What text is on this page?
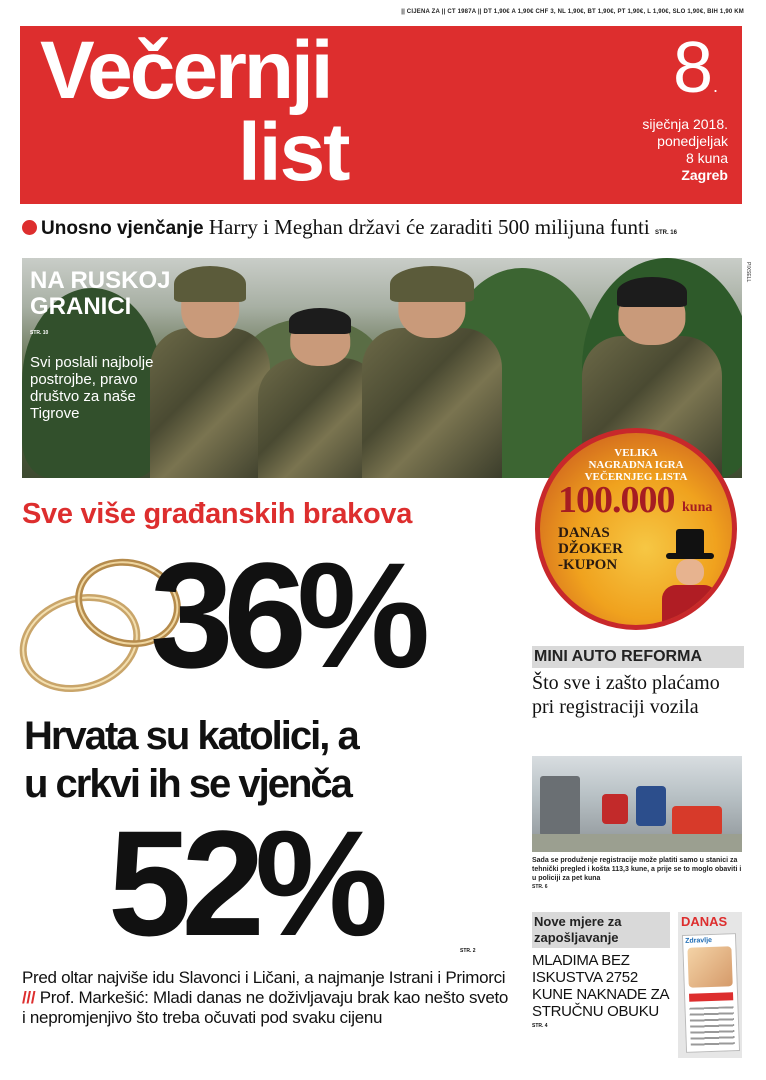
|| CIJENA ZA || CT 1987A || DT 1,90€ A 1,90€ CHF 3, NL 1,90€, BT 1,90€, PT 1,90€, L 1,90€, SLO 1,90€, BIH 1,90 KM
Večernji
list
8.
siječnja 2018.
ponedjeljak
8 kuna
Zagreb
Unosno vjenčanje Harry i Meghan državi će zaraditi 500 milijuna funti STR. 16
NA RUSKOJ
GRANICI
STR. 10
Svi poslali najbolje postrojbe, pravo društvo za naše Tigrove
PIXSELL
VELIKA
NAGRADNA IGRA
VEČERNJEG LISTA
100.000 kuna
DANAS
DŽOKER
-KUPON
Sve više građanskih brakova
36%
Hrvata su katolici, a
u crkvi ih se vjenča
52%	STR. 2

Pred oltar najviše idu Slavonci i Ličani, a najmanje Istrani i Primorci /// Prof. Markešić: Mladi danas ne doživljavaju brak kao nešto sveto i nepromjenjivo što treba očuvati pod svaku cijenu

MINI AUTO REFORMA
Što sve i zašto plaćamo pri registraciji vozila
Sada se produženje registracije može platiti samo u stanici za tehnički pregled i košta 113,3 kune, a prije se to moglo obaviti i u policiji za pet kuna
STR. 6
Nove mjere za
zapošljavanje
MLADIMA BEZ ISKUSTVA 2752 KUNE NAKNADE ZA STRUČNU OBUKU
STR. 4
DANAS
Zdravlje
